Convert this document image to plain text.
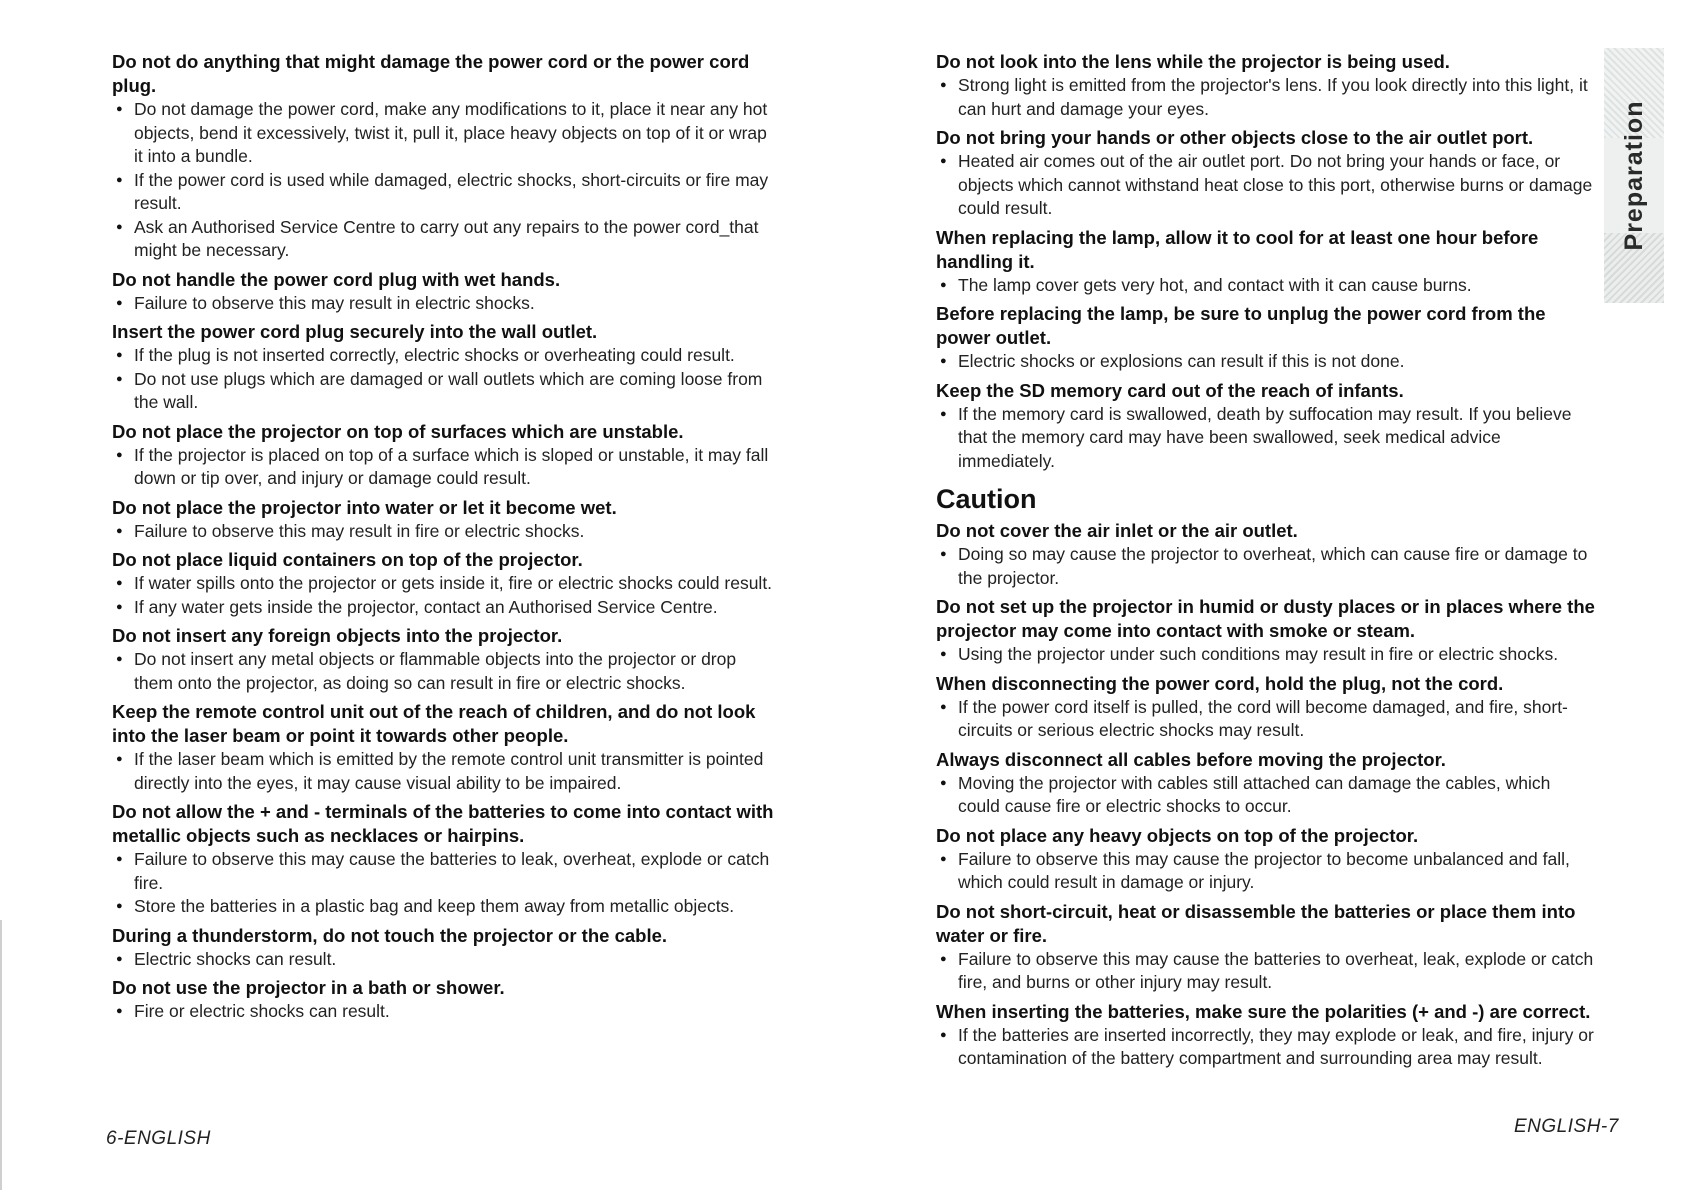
Do not do anything that might damage the power cord or the power cord plug.
● Do not damage the power cord, make any modifications to it, place it near any hot objects, bend it excessively, twist it, pull it, place heavy objects on top of it or wrap it into a bundle.
● If the power cord is used while damaged, electric shocks, short-circuits or fire may result.
● Ask an Authorised Service Centre to carry out any repairs to the power cord_that might be necessary.
Do not handle the power cord plug with wet hands.
● Failure to observe this may result in electric shocks.
Insert the power cord plug securely into the wall outlet.
● If the plug is not inserted correctly, electric shocks or overheating could result.
● Do not use plugs which are damaged or wall outlets which are coming loose from the wall.
Do not place the projector on top of surfaces which are unstable.
● If the projector is placed on top of a surface which is sloped or unstable, it may fall down or tip over, and injury or damage could result.
Do not place the projector into water or let it become wet.
● Failure to observe this may result in fire or electric shocks.
Do not place liquid containers on top of the projector.
● If water spills onto the projector or gets inside it, fire or electric shocks could result.
● If any water gets inside the projector, contact an Authorised Service Centre.
Do not insert any foreign objects into the projector.
● Do not insert any metal objects or flammable objects into the projector or drop them onto the projector, as doing so can result in fire or electric shocks.
Keep the remote control unit out of the reach of children, and do not look into the laser beam or point it towards other people.
● If the laser beam which is emitted by the remote control unit transmitter is pointed directly into the eyes, it may cause visual ability to be impaired.
Do not allow the + and - terminals of the batteries to come into contact with metallic objects such as necklaces or hairpins.
● Failure to observe this may cause the batteries to leak, overheat, explode or catch fire.
● Store the batteries in a plastic bag and keep them away from metallic objects.
During a thunderstorm, do not touch the projector or the cable.
● Electric shocks can result.
Do not use the projector in a bath or shower.
● Fire or electric shocks can result.
Do not look into the lens while the projector is being used.
● Strong light is emitted from the projector's lens. If you look directly into this light, it can hurt and damage your eyes.
Do not bring your hands or other objects close to the air outlet port.
● Heated air comes out of the air outlet port. Do not bring your hands or face, or objects which cannot withstand heat close to this port, otherwise burns or damage could result.
When replacing the lamp, allow it to cool for at least one hour before handling it.
● The lamp cover gets very hot, and contact with it can cause burns.
Before replacing the lamp, be sure to unplug the power cord from the power outlet.
● Electric shocks or explosions can result if this is not done.
Keep the SD memory card out of the reach of infants.
● If the memory card is swallowed, death by suffocation may result. If you believe that the memory card may have been swallowed, seek medical advice immediately.
Caution
Do not cover the air inlet or the air outlet.
● Doing so may cause the projector to overheat, which can cause fire or damage to the projector.
Do not set up the projector in humid or dusty places or in places where the projector may come into contact with smoke or steam.
● Using the projector under such conditions may result in fire or electric shocks.
When disconnecting the power cord, hold the plug, not the cord.
● If the power cord itself is pulled, the cord will become damaged, and fire, short-circuits or serious electric shocks may result.
Always disconnect all cables before moving the projector.
● Moving the projector with cables still attached can damage the cables, which could cause fire or electric shocks to occur.
Do not place any heavy objects on top of the projector.
● Failure to observe this may cause the projector to become unbalanced and fall, which could result in damage or injury.
Do not short-circuit, heat or disassemble the batteries or place them into water or fire.
● Failure to observe this may cause the batteries to overheat, leak, explode or catch fire, and burns or other injury may result.
When inserting the batteries, make sure the polarities (+ and -) are correct.
● If the batteries are inserted incorrectly, they may explode or leak, and fire, injury or contamination of the battery compartment and surrounding area may result.
6-ENGLISH
ENGLISH-7
Preparation
